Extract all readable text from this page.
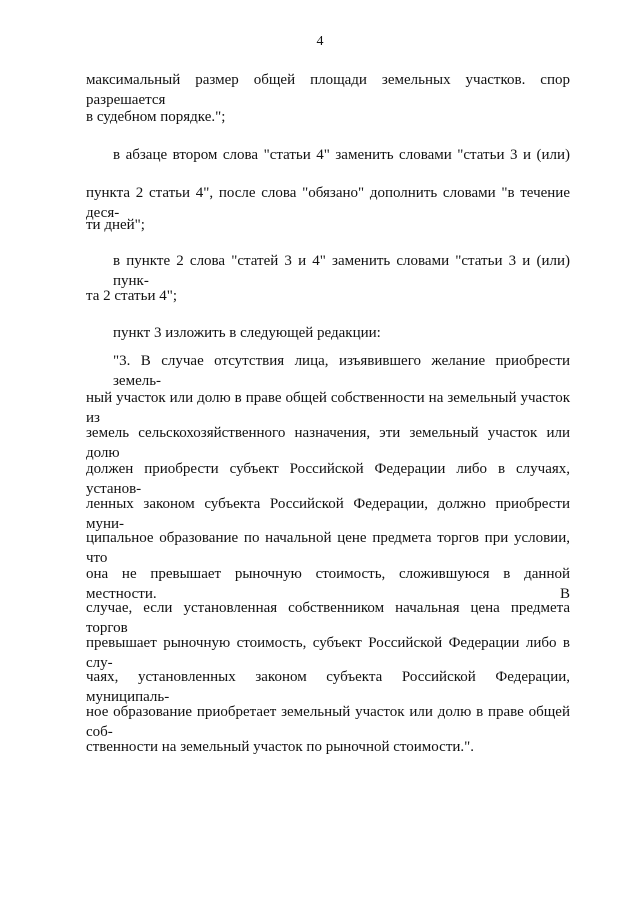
4

максимальный размер общей площади земельных участков. спор разрешается

в судебном порядке.";

в абзаце втором слова "статьи 4" заменить словами "статьи 3 и (или)

пункта 2 статьи 4", после слова "обязано" дополнить словами "в течение деся-

ти дней";

в пункте 2 слова "статей 3 и 4" заменить словами "статьи 3 и (или) пунк-

та 2 статьи 4";

пункт 3 изложить в следующей редакции:

"3. В случае отсутствия лица, изъявившего желание приобрести земель-

ный участок или долю в праве общей собственности на земельный участок из

земель сельскохозяйственного назначения, эти земельный участок или долю

должен приобрести субъект Российской Федерации либо в случаях, установ-

ленных законом субъекта Российской Федерации, должно приобрести муни-

ципальное образование по начальной цене предмета торгов при условии, что

она не превышает рыночную стоимость, сложившуюся в данной местности. В

случае, если установленная собственником начальная цена предмета торгов

превышает рыночную стоимость, субъект Российской Федерации либо в слу-

чаях, установленных законом субъекта Российской Федерации, муниципаль-

ное образование приобретает земельный участок или долю в праве общей соб-

ственности на земельный участок по рыночной стоимости.".
